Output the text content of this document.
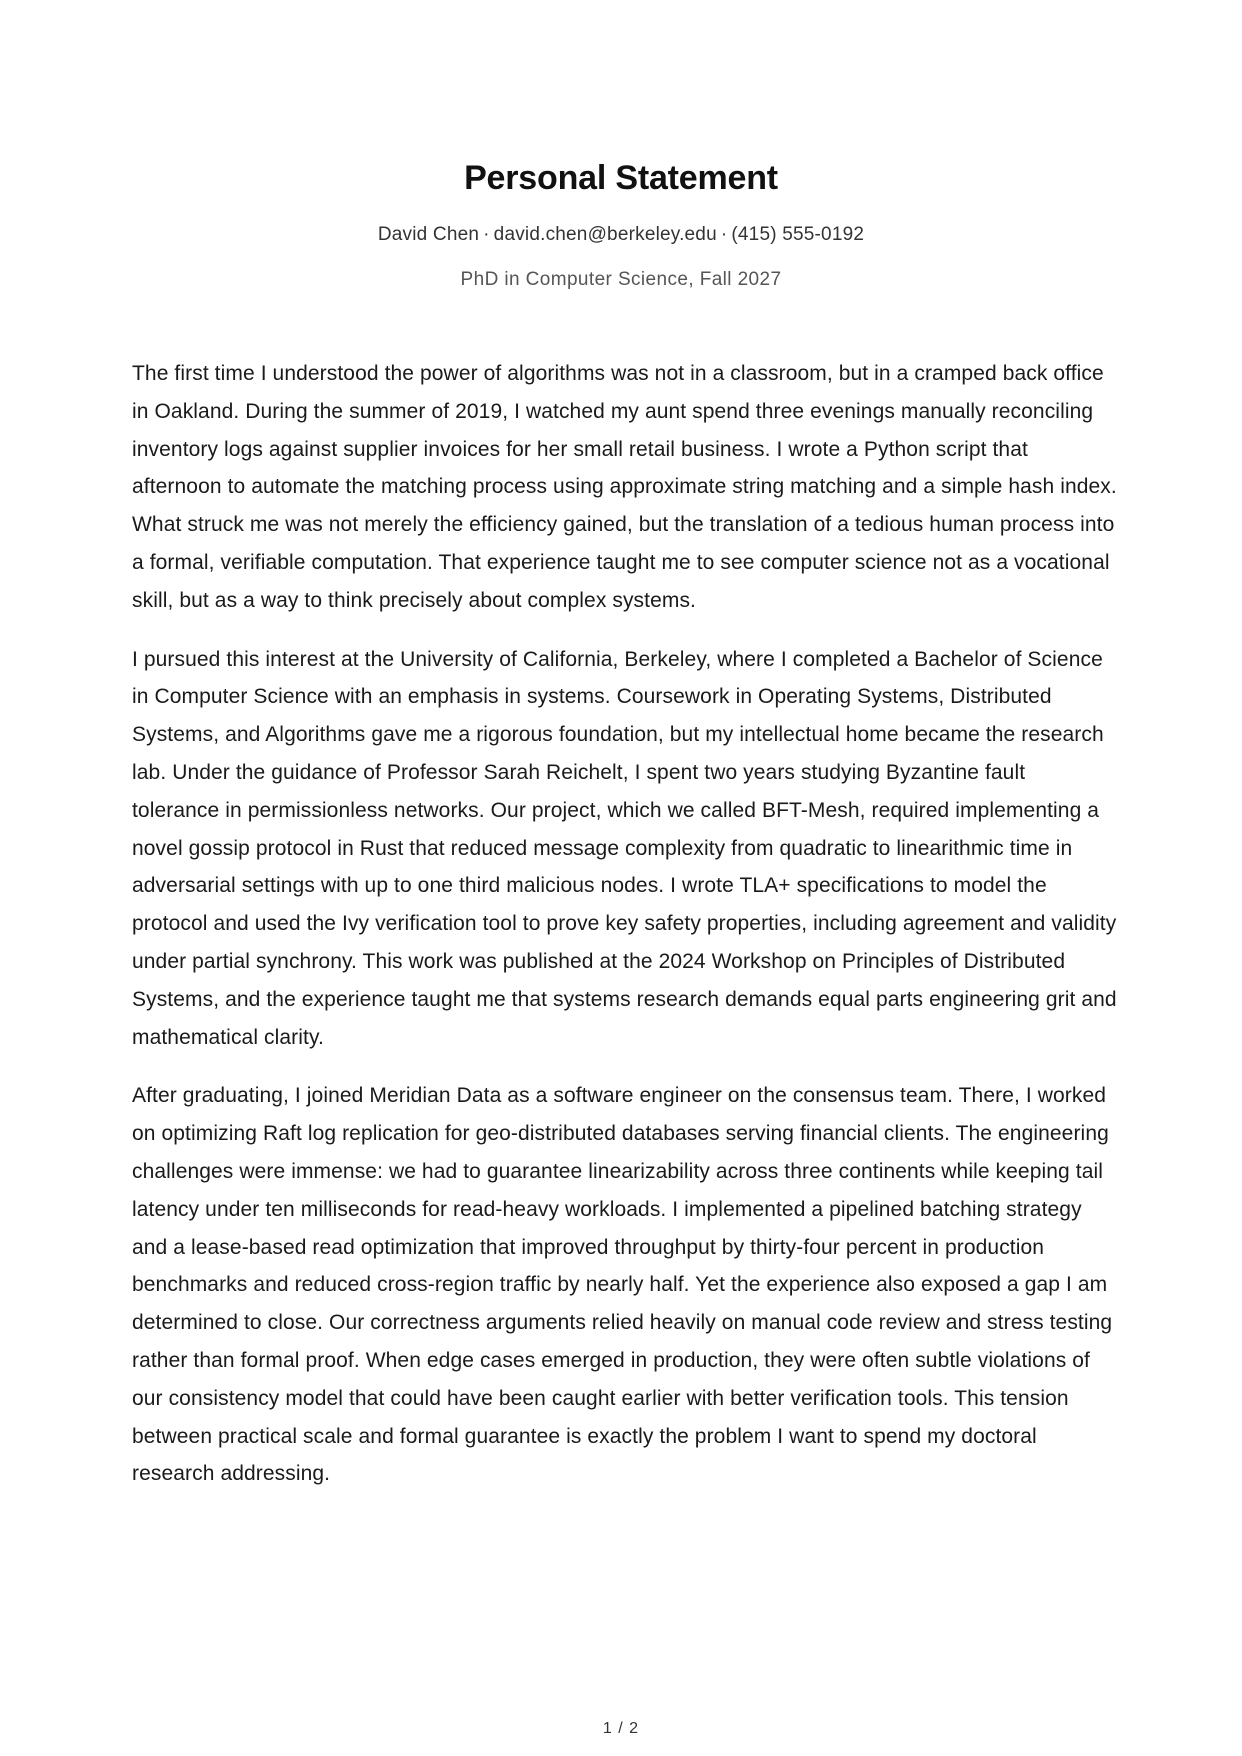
Personal Statement
David Chen · david.chen@berkeley.edu · (415) 555-0192
PhD in Computer Science, Fall 2027

The first time I understood the power of algorithms was not in a classroom, but in a cramped back office in Oakland. During the summer of 2019, I watched my aunt spend three evenings manually reconciling inventory logs against supplier invoices for her small retail business. I wrote a Python script that afternoon to automate the matching process using approximate string matching and a simple hash index. What struck me was not merely the efficiency gained, but the translation of a tedious human process into a formal, verifiable computation. That experience taught me to see computer science not as a vocational skill, but as a way to think precisely about complex systems.

I pursued this interest at the University of California, Berkeley, where I completed a Bachelor of Science in Computer Science with an emphasis in systems. Coursework in Operating Systems, Distributed Systems, and Algorithms gave me a rigorous foundation, but my intellectual home became the research lab. Under the guidance of Professor Sarah Reichelt, I spent two years studying Byzantine fault tolerance in permissionless networks. Our project, which we called BFT-Mesh, required implementing a novel gossip protocol in Rust that reduced message complexity from quadratic to linearithmic time in adversarial settings with up to one third malicious nodes. I wrote TLA+ specifications to model the protocol and used the Ivy verification tool to prove key safety properties, including agreement and validity under partial synchrony. This work was published at the 2024 Workshop on Principles of Distributed Systems, and the experience taught me that systems research demands equal parts engineering grit and mathematical clarity.

After graduating, I joined Meridian Data as a software engineer on the consensus team. There, I worked on optimizing Raft log replication for geo-distributed databases serving financial clients. The engineering challenges were immense: we had to guarantee linearizability across three continents while keeping tail latency under ten milliseconds for read-heavy workloads. I implemented a pipelined batching strategy and a lease-based read optimization that improved throughput by thirty-four percent in production benchmarks and reduced cross-region traffic by nearly half. Yet the experience also exposed a gap I am determined to close. Our correctness arguments relied heavily on manual code review and stress testing rather than formal proof. When edge cases emerged in production, they were often subtle violations of our consistency model that could have been caught earlier with better verification tools. This tension between practical scale and formal guarantee is exactly the problem I want to spend my doctoral research addressing.

1 / 2
